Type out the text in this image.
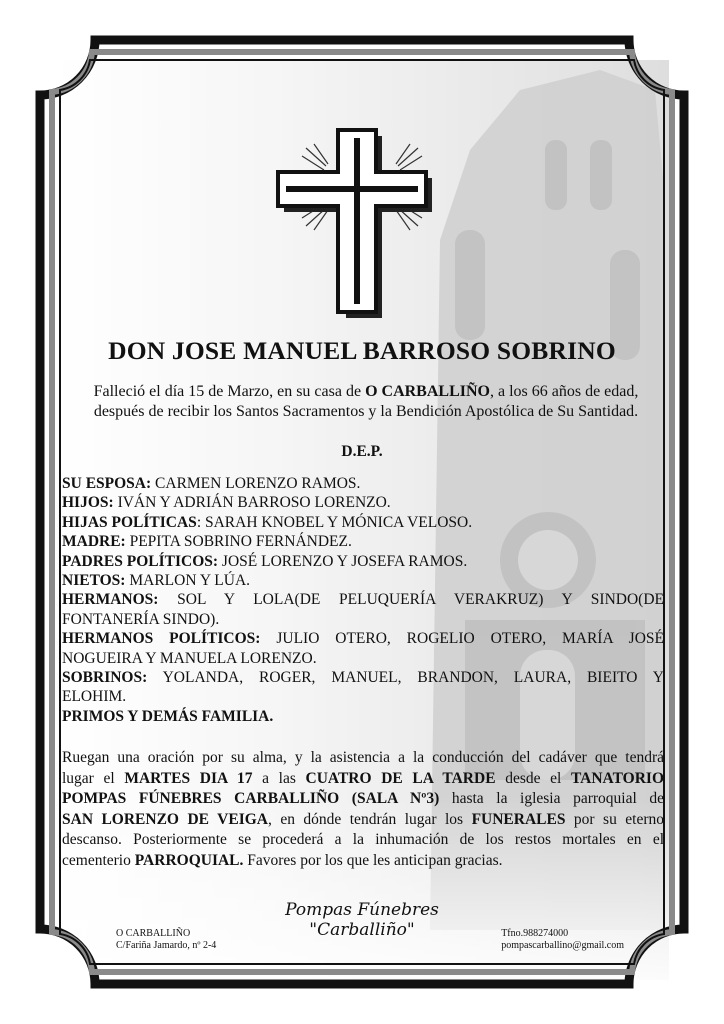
DON JOSE MANUEL BARROSO SOBRINO
Falleció el día 15 de Marzo, en su casa de O CARBALLIÑO, a los 66 años de edad,
después de recibir los Santos Sacramentos y la Bendición Apostólica de Su Santidad.
D.E.P.
SU ESPOSA: CARMEN LORENZO RAMOS.
HIJOS: IVÁN Y ADRIÁN BARROSO LORENZO.
HIJAS POLÍTICAS: SARAH KNOBEL Y MÓNICA VELOSO.
MADRE: PEPITA SOBRINO FERNÁNDEZ.
PADRES POLÍTICOS: JOSÉ LORENZO Y JOSEFA RAMOS.
NIETOS: MARLON Y LÚA.
HERMANOS: SOL Y LOLA(DE PELUQUERÍA VERAKRUZ) Y SINDO(DE
FONTANERÍA SINDO).
HERMANOS POLÍTICOS: JULIO OTERO, ROGELIO OTERO, MARÍA JOSÉ
NOGUEIRA Y MANUELA LORENZO.
SOBRINOS: YOLANDA, ROGER, MANUEL, BRANDON, LAURA, BIEITO Y
ELOHIM.
PRIMOS Y DEMÁS FAMILIA.
Ruegan una oración por su alma, y la asistencia a la conducción del cadáver que tendrá
lugar el MARTES DIA 17 a las CUATRO DE LA TARDE desde el TANATORIO
POMPAS FÚNEBRES CARBALLIÑO (SALA Nº3) hasta la iglesia parroquial de
SAN LORENZO DE VEIGA, en dónde tendrán lugar los FUNERALES por su eterno
descanso. Posteriormente se procederá a la inhumación de los restos mortales en el
cementerio PARROQUIAL. Favores por los que les anticipan gracias.
O CARBALLIÑO
C/Fariña Jamardo, nº 2-4
Pompas Fúnebres
"Carballiño"	Tfno.988274000
pompascarballino@gmail.com
